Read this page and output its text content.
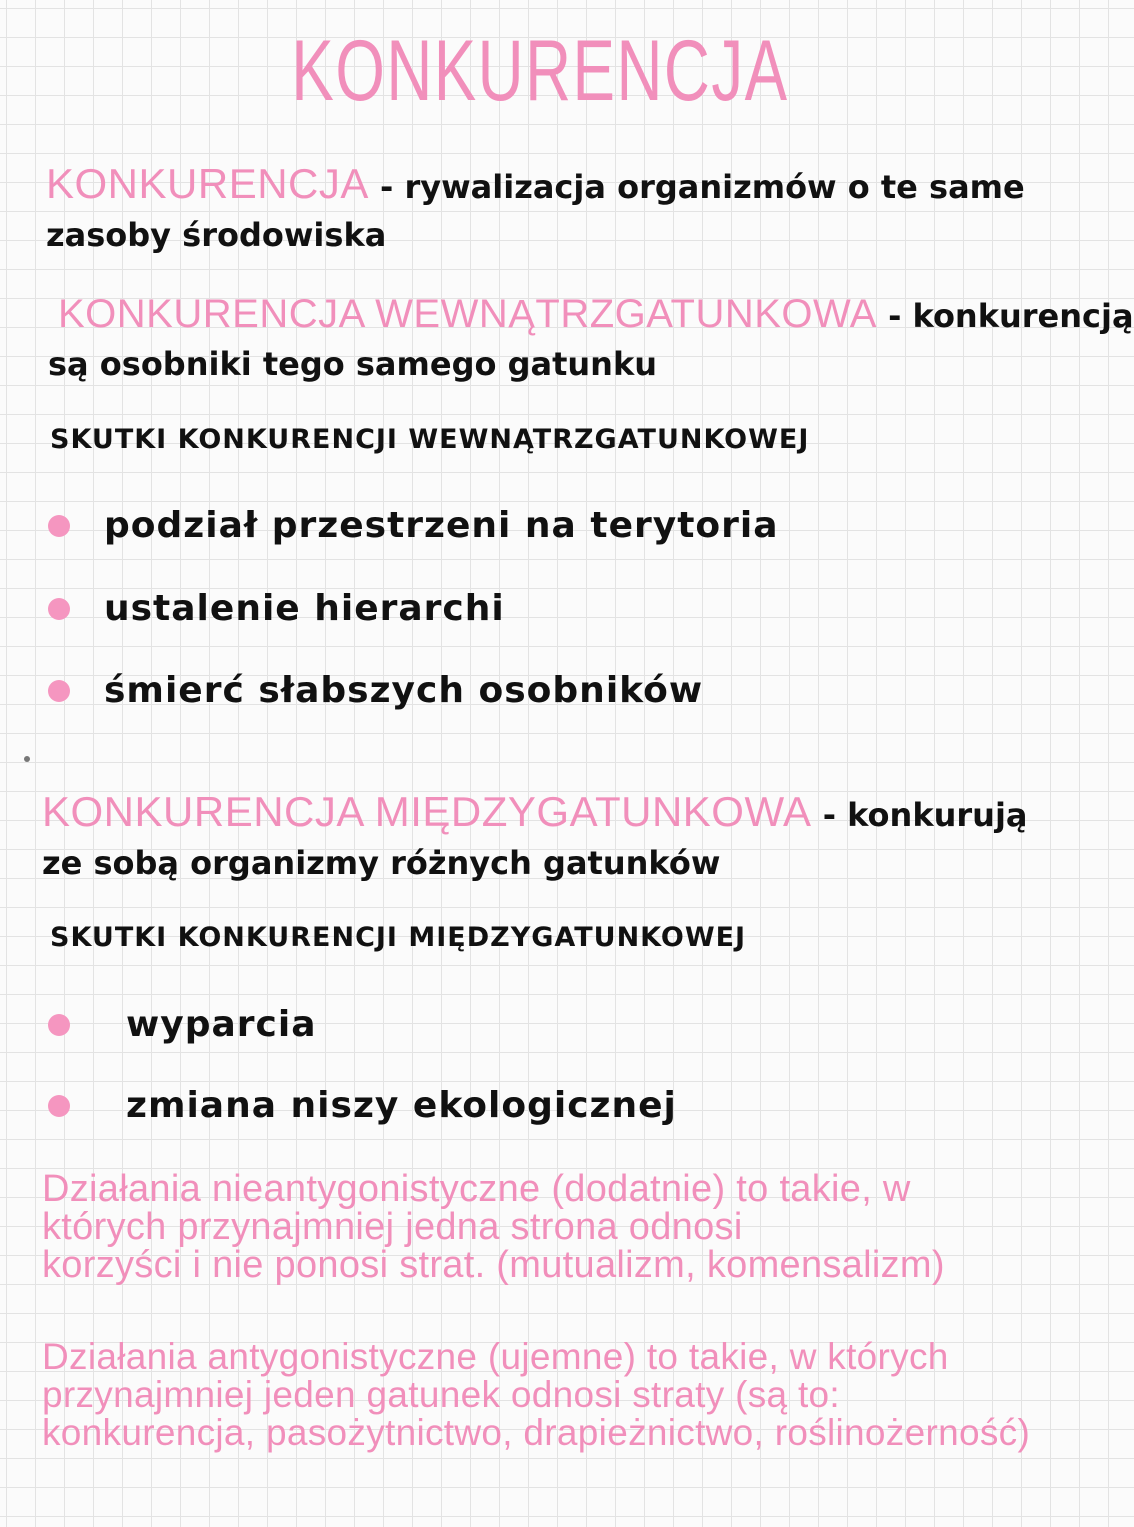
KONKURENCJA
KONKURENCJA - rywalizacja organizmów o te same
zasoby środowiska
KONKURENCJA WEWNĄTRZGATUNKOWA - konkurencją
są osobniki tego samego gatunku
SKUTKI KONKURENCJI WEWNĄTRZGATUNKOWEJ
podział przestrzeni na terytoria
ustalenie hierarchi
śmierć słabszych osobników
KONKURENCJA MIĘDZYGATUNKOWA - konkurują
ze sobą organizmy różnych gatunków
SKUTKI KONKURENCJI MIĘDZYGATUNKOWEJ
wyparcia
zmiana niszy ekologicznej
Działania nieantygonistyczne (dodatnie) to takie, w
których przynajmniej jedna strona odnosi
korzyści i nie ponosi strat. (mutualizm, komensalizm)
Działania antygonistyczne (ujemne) to takie, w których
przynajmniej jeden gatunek odnosi straty (są to:
konkurencja, pasożytnictwo, drapieżnictwo, roślinożerność)
